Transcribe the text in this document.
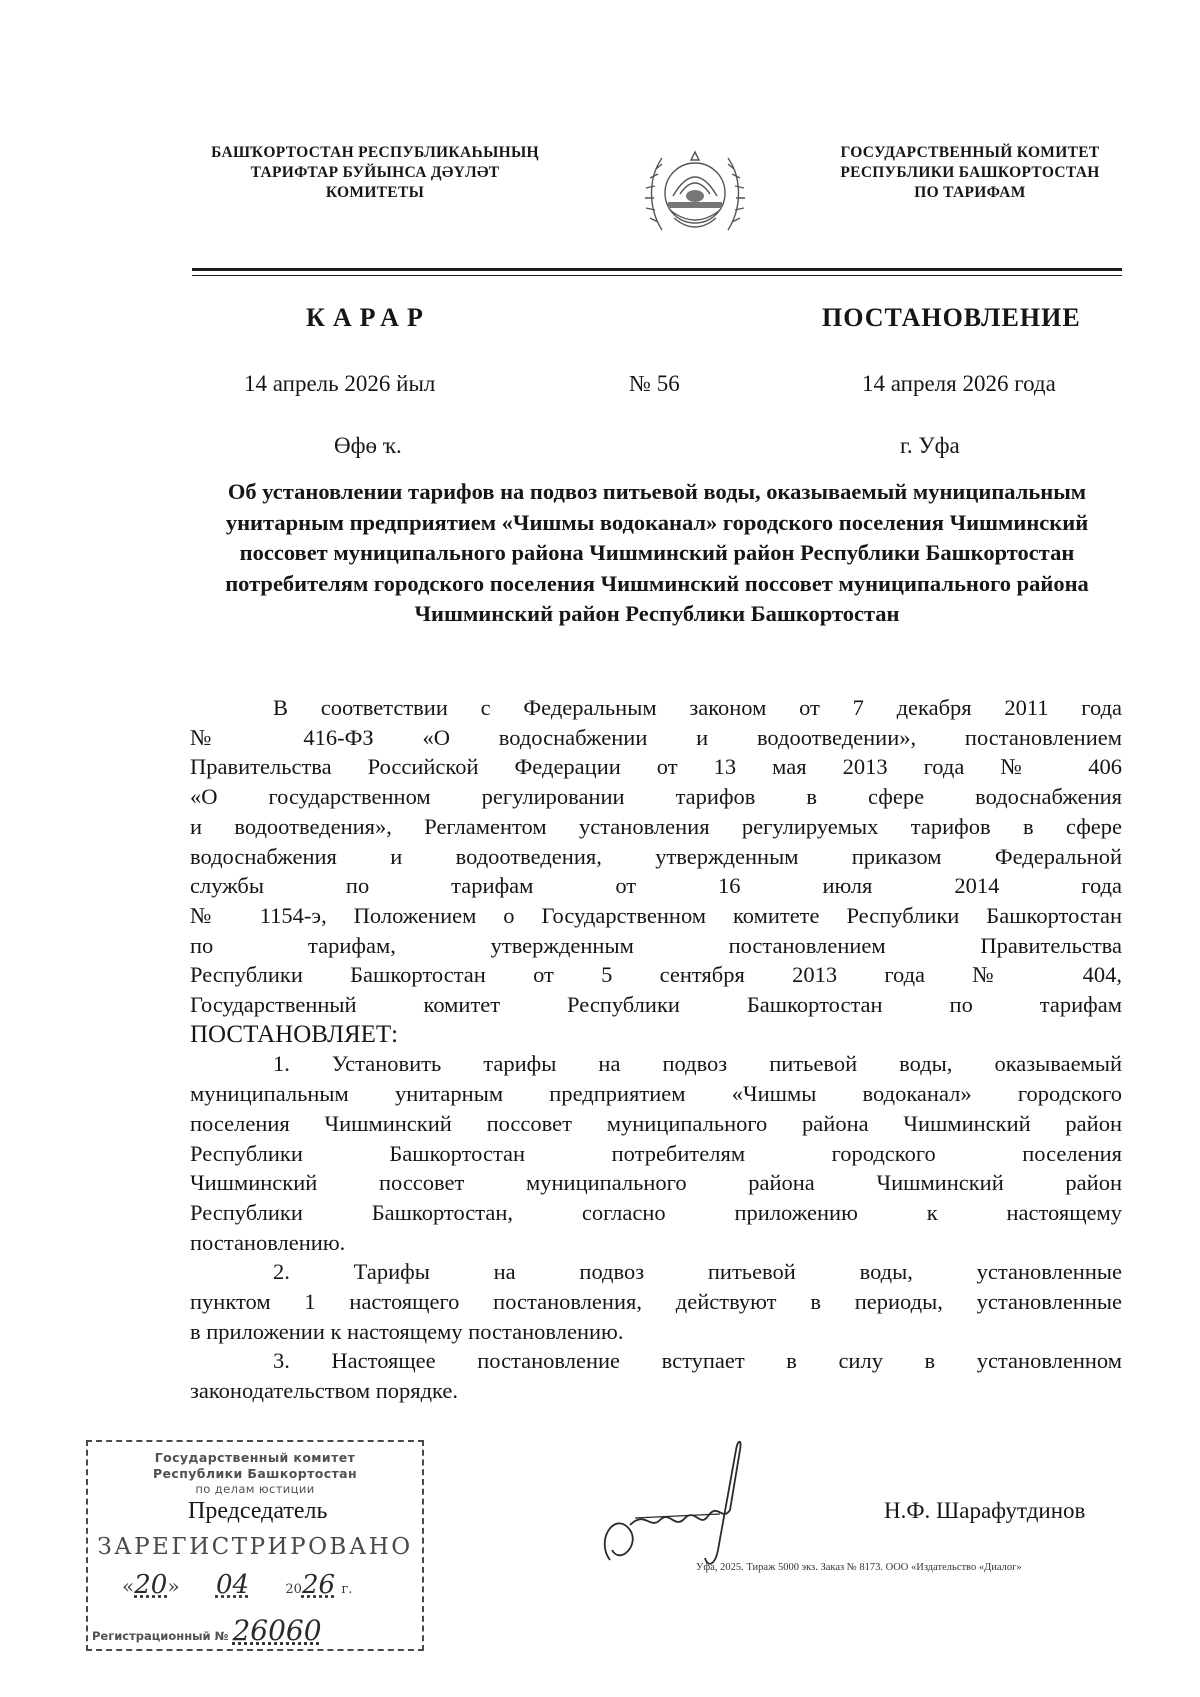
БАШҠОРТОСТАН РЕСПУБЛИКАҺЫНЫҢ
ТАРИФТАР БУЙЫНСА ДӘҮЛӘТ
КОМИТЕТЫ
ГОСУДАРСТВЕННЫЙ КОМИТЕТ
РЕСПУБЛИКИ БАШКОРТОСТАН
ПО ТАРИФАМ
КАРАР	ПОСТАНОВЛЕНИЕ
14 апрель 2026 йыл	№ 56	14 апреля 2026 года
Өфө ҡ.	г. Уфа
Об установлении тарифов на подвоз питьевой воды, оказываемый муниципальным унитарным предприятием «Чишмы водоканал» городского поселения Чишминский поссовет муниципального района Чишминский район Республики Башкортостан потребителям городского поселения Чишминский поссовет муниципального района Чишминский район Республики Башкортостан

В соответствии с Федеральным законом от 7 декабря 2011 года

№ 416-ФЗ «О водоснабжении и водоотведении», постановлением

Правительства Российской Федерации от 13 мая 2013 года № 406

«О государственном регулировании тарифов в сфере водоснабжения

и водоотведения», Регламентом установления регулируемых тарифов в сфере

водоснабжения и водоотведения, утвержденным приказом Федеральной

службы по тарифам от 16 июля 2014 года

№ 1154-э, Положением о Государственном комитете Республики Башкортостан

по тарифам, утвержденным постановлением Правительства

Республики Башкортостан от 5 сентября 2013 года № 404,

Государственный комитет Республики Башкортостан по тарифам

ПОСТАНОВЛЯЕТ:

1. Установить тарифы на подвоз питьевой воды, оказываемый

муниципальным унитарным предприятием «Чишмы водоканал» городского

поселения Чишминский поссовет муниципального района Чишминский район

Республики Башкортостан потребителям городского поселения

Чишминский поссовет муниципального района Чишминский район

Республики Башкортостан, согласно приложению к настоящему

постановлению.

2. Тарифы на подвоз питьевой воды, установленные

пунктом 1 настоящего постановления, действуют в периоды, установленные

в приложении к настоящему постановлению.

3. Настоящее постановление вступает в силу в установленном

законодательством порядке.

Председатель	Н.Ф. Шарафутдинов
Уфа, 2025. Тираж 5000 экз. Заказ № 8173. ООО «Издательство «Диалог»
Государственный комитет
Республики Башкортостан
по делам юстиции
ЗАРЕГИСТРИРОВАНО
«20» 04	2026 г.
Регистрационный № 26060
